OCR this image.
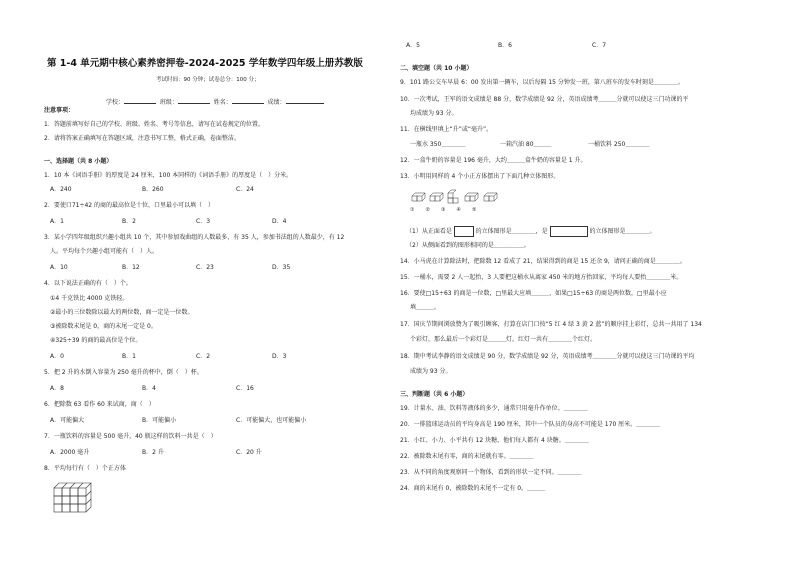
第 1-4 单元期中核心素养密押卷-2024-2025 学年数学四年级上册苏教版
考试时间：90 分钟；试卷总分：100 分；
学校：	班级：	姓名：	成绩：
注意事项：
1．答题前填写好自己的学校、班级、姓名、考号等信息，请写在试卷规定的位置。
2．请将答案正确填写在答题区域，注意书写工整，格式正确，卷面整洁。
一、选择题（共 8 小题）
1．10 本《词语手册》的厚度是 24 厘米，100 本同样的《词语手册》的厚度是（　）分米。
A．240	B．260	C．24
2．要使口71÷42 的商的最高位是十位，口里最小可以填（　）
A．1	B．2	C．3	D．4
3．某小学四年级组织兴趣小组共 10 个，其中参加戏曲组的人数最多，有 35 人，参加书法组的人数最少，有 12
人。平均每个兴趣小组可能有（　）人。
A．10	B．12	C．23	D．35
4．以下说法正确的有（　）个。
①4 千克铁比 4000 克铁轻。
②最小的三位数除以最大的两位数，商一定是一位数。
③被除数末尾是 0，商的末尾一定是 0。
④325÷39 的商的最高位是个位。
A．0	B．1	C．2	D．3
5．把 2 升的水倒入容量为 250 毫升的杯中，倒（　）杯。
A．8	B．4	C．16
6．把除数 63 看作 60 来试商，商（　）
A．可能偏大	B．可能偏小	C．可能偏大，也可能偏小
7．一瓶饮料的容量是 500 毫升，40 瓶这样的饮料一共是（　）
A．2000 毫升	B．2 升	C．20 升
8．平均每行有（　）个正方体
A．5	B．6	C．7
二、填空题（共 10 小题）
9．101 路公交车早晨 6：00 发出第一辆车，以后每隔 15 分钟发一班，第八班车的发车时刻是＿＿＿＿。
10．一次考试，王军的语文成绩是 88 分，数学成绩是 92 分，英语成绩考＿＿＿分就可以使这三门功课的平
均成绩为 93 分。
11．在横线里填上“升”或“毫升”。
一瓶水 350＿＿＿＿	一箱汽油 80＿＿＿	一桶饮料 250＿＿＿＿
12．一盒牛奶的容量是 196 毫升，大约＿＿＿盒牛奶的容量是 1 升。
13．小明用同样的 4 个小正方体摆出了下面几种立体图形。
①②③④⑤
（1）从正面看是	的立体图形是＿＿＿＿，是	的立体图形是＿＿＿＿。
（2）从侧面看到的图形相同的是＿＿＿＿＿。
14．小马虎在计算除法时，把除数 12 看成了 21，结果得到的商是 15 还余 9，请问正确的商是＿＿＿＿。
15．一桶水，需要 2 人一起抬，3 人要把这桶水从离家 450 米的地方抬回家，平均每人要抬＿＿＿＿米。
16．要使□15÷63 的商是一位数，□里最大应填＿＿＿，如果□15÷63 的商是两位数，□里最小应
填＿＿＿。
17．国庆节期间浏放赞为了吸引顾客，打算在店门口按“5 红 4 绿 3 黄 2 蓝”的顺序挂上彩灯，总共一共用了 134
个彩灯，那么最后一个彩灯是＿＿＿灯，红灯一共有＿＿＿＿个红灯。
18．期中考试李静的语文成绩是 90 分，数学成绩是 92 分，英语成绩考＿＿＿＿分就可以使这三门功课的平均
成绩为 93 分。
三、判断题（共 6 小题）
19．计量水、油、饮料等液体的多少，通常只用毫升作单位。＿＿＿＿
20．一排篮球运动员的平均身高是 190 厘米，其中一个队员的身高不可能是 170 厘米。＿＿＿＿
21．小红、小力、小平共有 12 块糖，他们每人都有 4 块糖。＿＿＿＿
22．被除数末尾有零，商的末尾就有零。＿＿＿＿
23．从不同的角度观察同一个物体，看到的形状一定不同。＿＿＿＿
24．商的末尾有 0，被除数的末尾不一定有 0。＿＿＿
